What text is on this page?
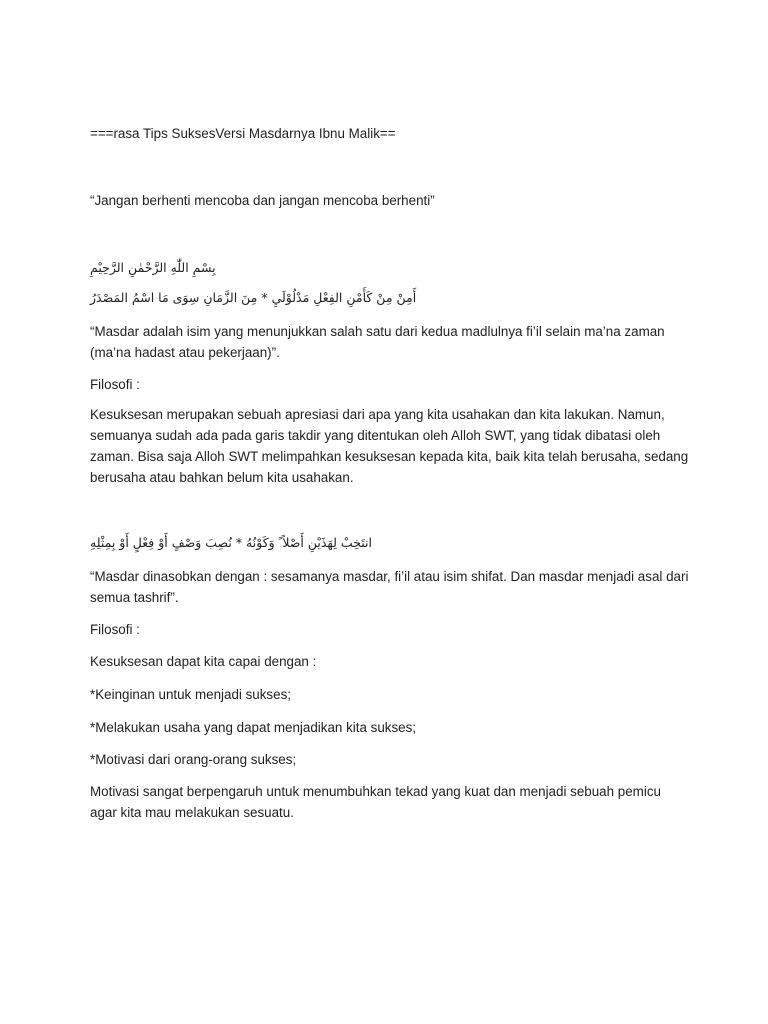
===rasa Tips SuksesVersi Masdarnya Ibnu Malik==

“Jangan berhenti mencoba dan jangan mencoba berhenti”

بِسْمِ اللّٰهِ الرَّحْمٰنِ الرَّحِيْمِ

أَمِنْ مِنْ كَأَمْنِ الفِعْلِ مَدْلُوْلَيِ * مِنَ الزَّمَانِ سِوَى مَا اسْمُ المَصْدَرُ

“Masdar adalah isim yang menunjukkan salah satu dari kedua madlulnya fi’il selain ma’na zaman (ma’na hadast atau pekerjaan)”.

Filosofi :

Kesuksesan merupakan sebuah apresiasi dari apa yang kita usahakan dan kita lakukan. Namun, semuanya sudah ada pada garis takdir yang ditentukan oleh Alloh SWT, yang tidak dibatasi oleh zaman. Bisa saja Alloh SWT melimpahkan kesuksesan kepada kita, baik kita telah berusaha, sedang berusaha atau bahkan belum kita usahakan.

انتَخِبْ لِهَذَيْنِ أَصْلاً ً وَكَوْنُهُ * نُصِبَ وَصْفٍ أَوْ فِعْلٍ أَوْ بِمِثْلِهِ

“Masdar dinasobkan dengan : sesamanya masdar, fi’il atau isim shifat. Dan masdar menjadi asal dari semua tashrif”.

Filosofi :

Kesuksesan dapat kita capai dengan :

*Keinginan untuk menjadi sukses;

*Melakukan usaha yang dapat menjadikan kita sukses;

*Motivasi dari orang-orang sukses;

Motivasi sangat berpengaruh untuk menumbuhkan tekad yang kuat dan menjadi sebuah pemicu agar kita mau melakukan sesuatu.
